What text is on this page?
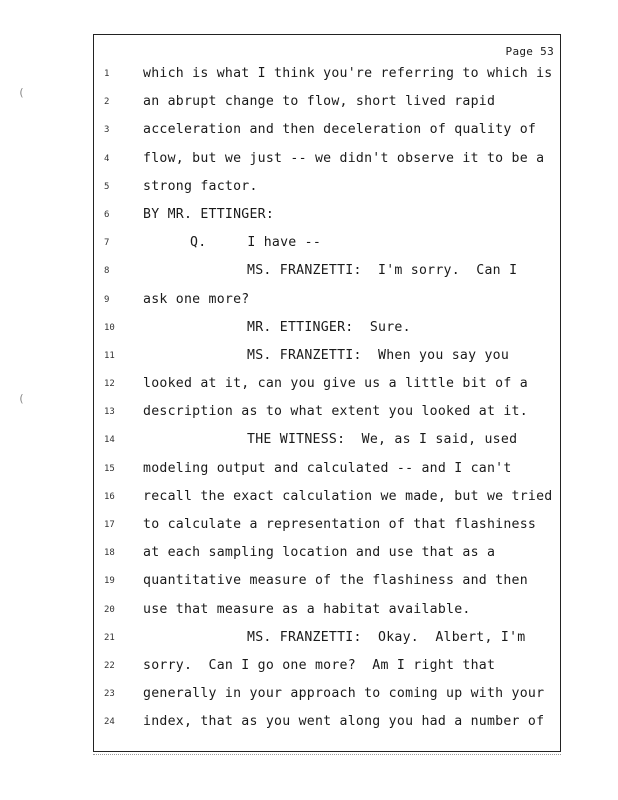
Page 53
1	which is what I think you're referring to which is
2	an abrupt change to flow, short lived rapid
3	acceleration and then deceleration of quality of
4	flow, but we just -- we didn't observe it to be a
5	strong factor.
6	BY MR. ETTINGER:
7	Q.     I have --
8	MS. FRANZETTI:  I'm sorry.  Can I
9	ask one more?
10	MR. ETTINGER:  Sure.
11	MS. FRANZETTI:  When you say you
12	looked at it, can you give us a little bit of a
13	description as to what extent you looked at it.
14	THE WITNESS:  We, as I said, used
15	modeling output and calculated -- and I can't
16	recall the exact calculation we made, but we tried
17	to calculate a representation of that flashiness
18	at each sampling location and use that as a
19	quantitative measure of the flashiness and then
20	use that measure as a habitat available.
21	MS. FRANZETTI:  Okay.  Albert, I'm
22	sorry.  Can I go one more?  Am I right that
23	generally in your approach to coming up with your
24	index, that as you went along you had a number of
(
(
